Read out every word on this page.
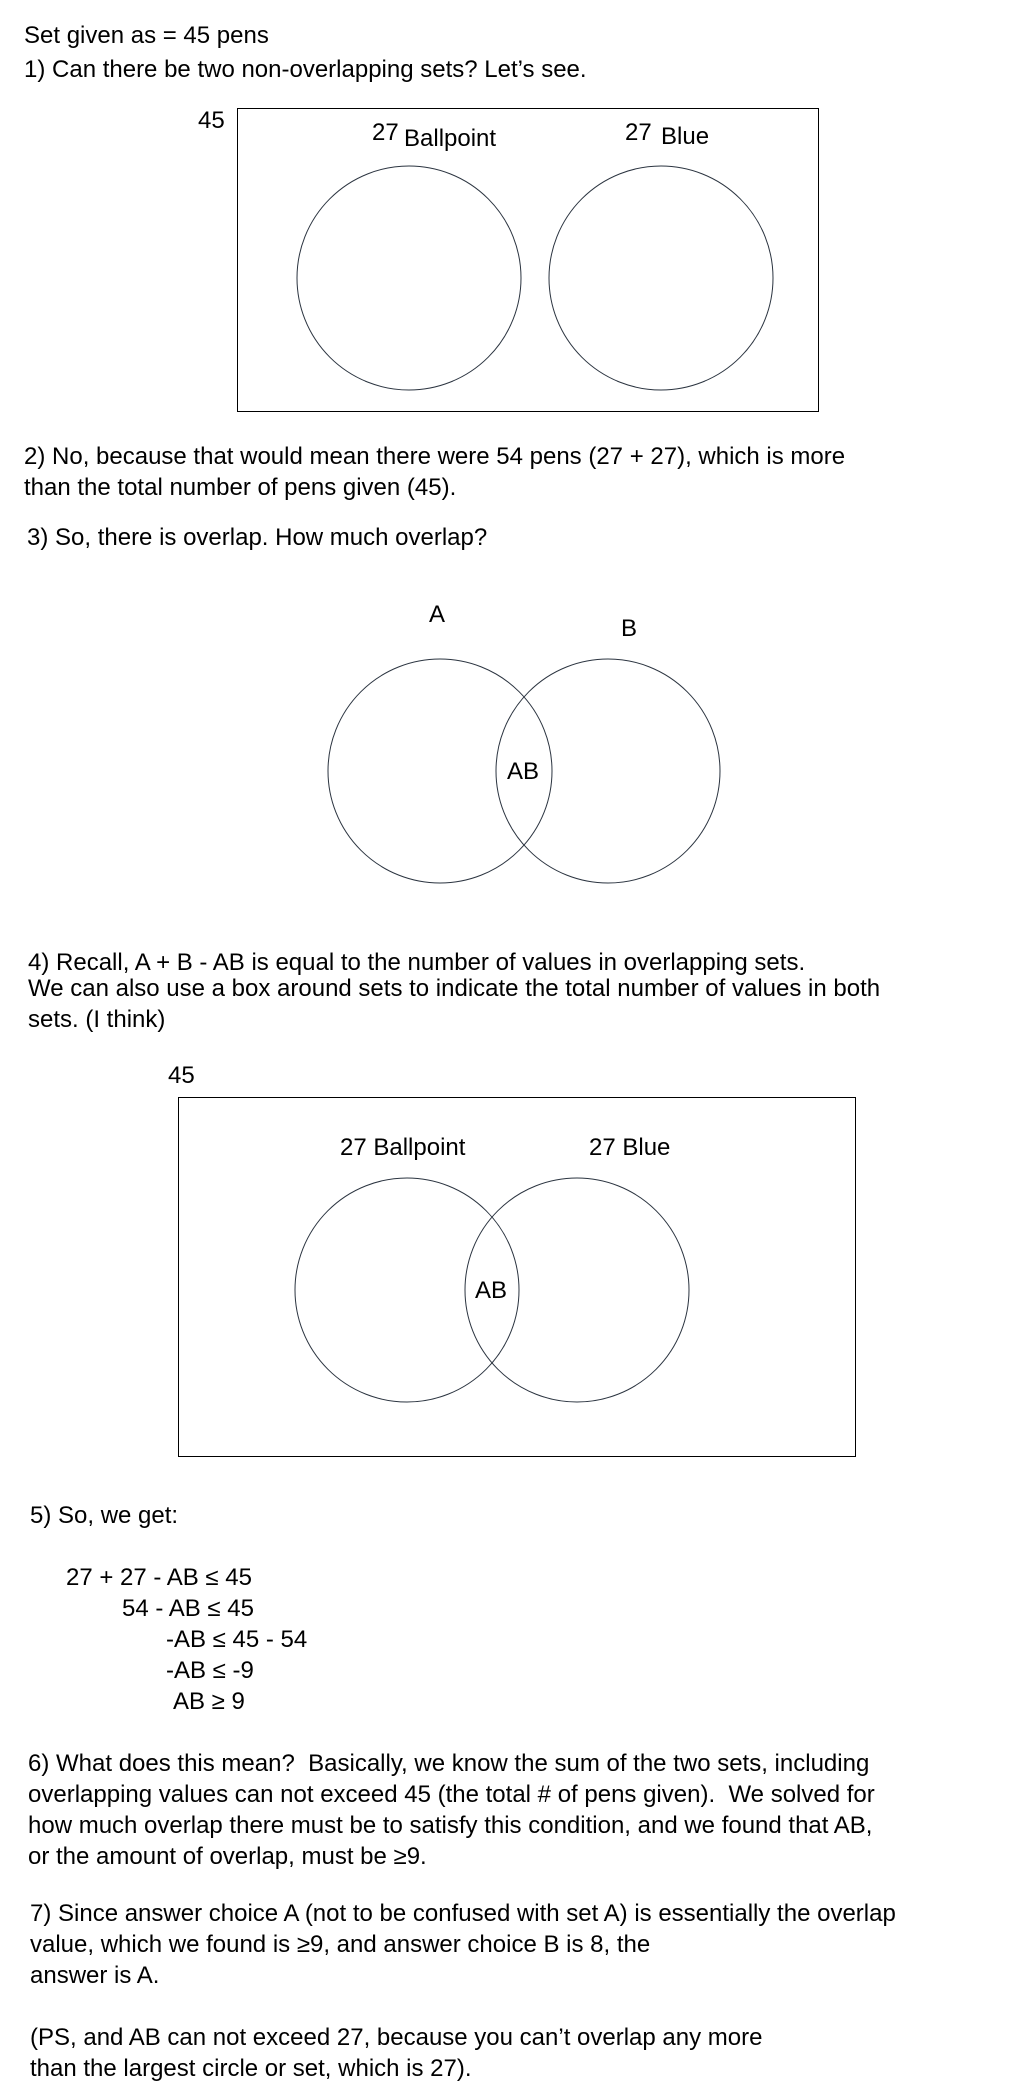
Set given as = 45 pens
1) Can there be two non-overlapping sets? Let’s see.
45	27 Ballpoint	27 Blue
2) No, because that would mean there were 54 pens (27 + 27), which is more
than the total number of pens given (45).
3) So, there is overlap. How much overlap?
A
B
AB
4) Recall, A + B - AB is equal to the number of values in overlapping sets.
We can also use a box around sets to indicate the total number of values in both
sets. (I think)
45
27 Ballpoint	27 Blue
AB
5) So, we get:
27 + 27 - AB ≤ 45
54 - AB ≤ 45
-AB ≤ 45 - 54
-AB ≤ -9
AB ≥ 9
6) What does this mean?  Basically, we know the sum of the two sets, including
overlapping values can not exceed 45 (the total # of pens given).  We solved for
how much overlap there must be to satisfy this condition, and we found that AB,
or the amount of overlap, must be ≥9.
7) Since answer choice A (not to be confused with set A) is essentially the overlap
value, which we found is ≥9, and answer choice B is 8, the
answer is A.
(PS, and AB can not exceed 27, because you can’t overlap any more
than the largest circle or set, which is 27).
